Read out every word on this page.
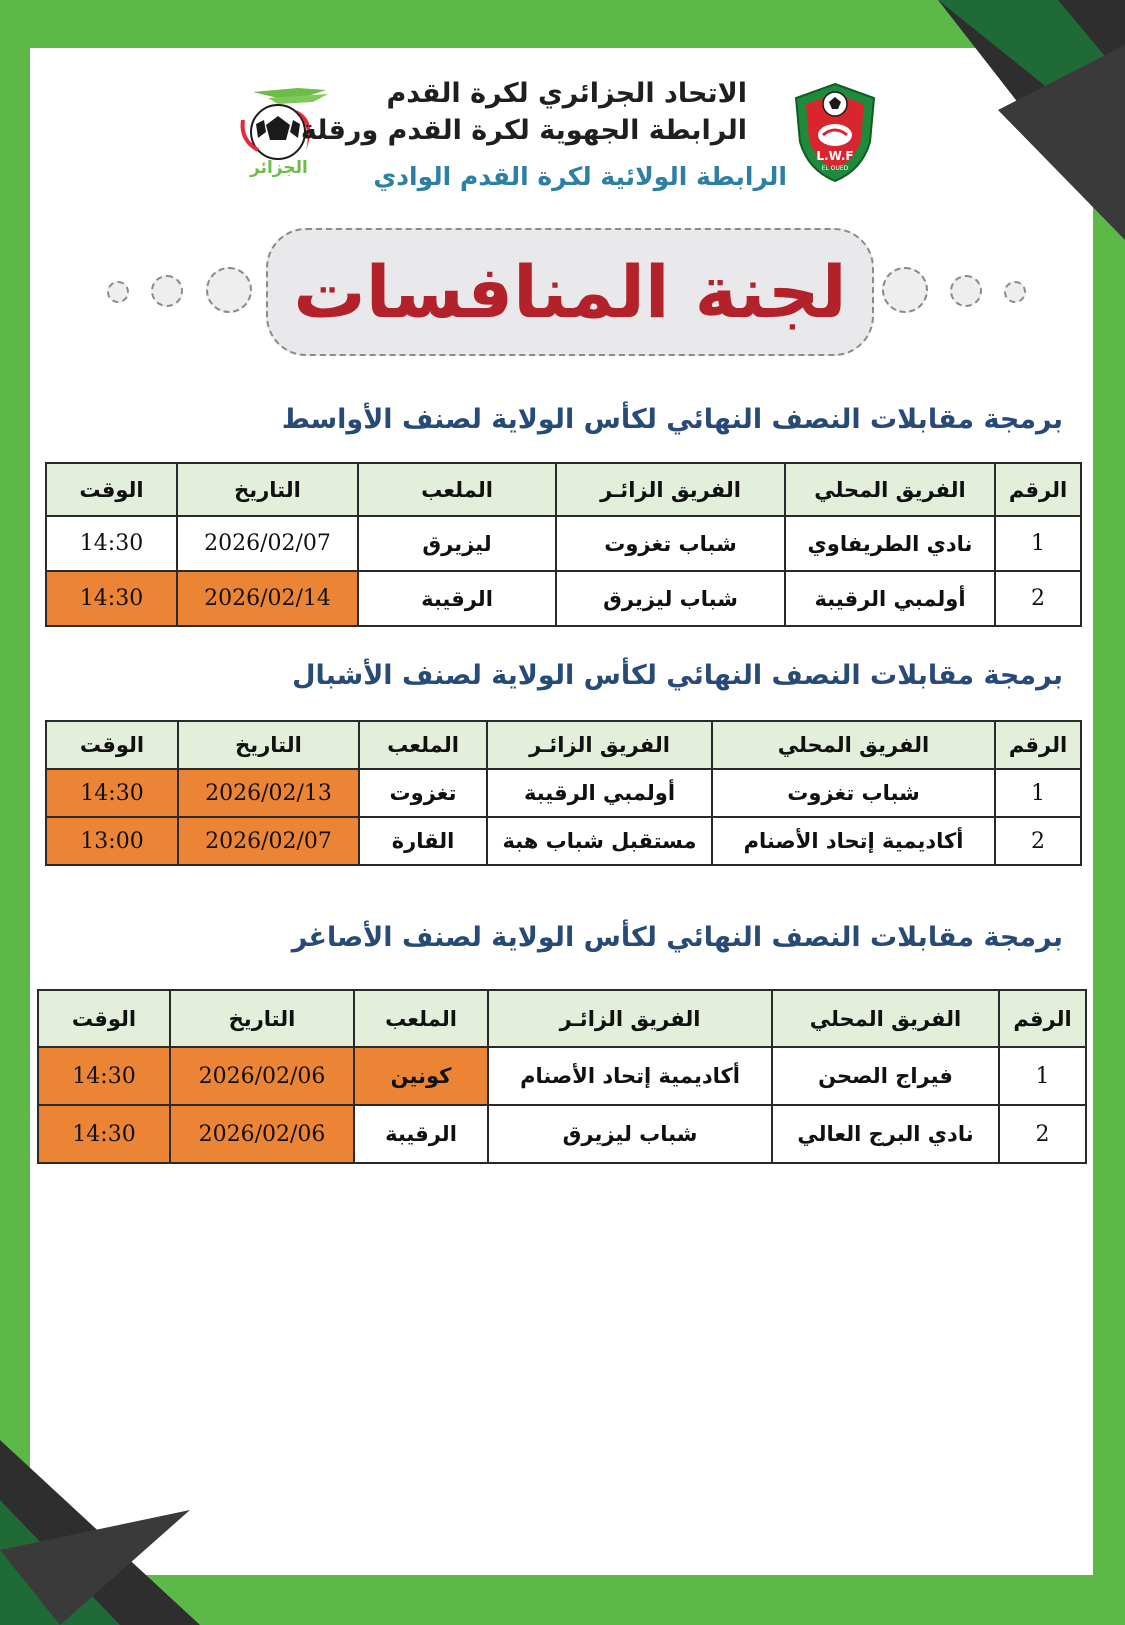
الجزائر
L.W.F
EL OUED
الاتحاد الجزائري لكرة القدم
الرابطة الجهوية لكرة القدم ورقلة
الرابطة الولائية لكرة القدم الوادي
لجنة المنافسات
برمجة مقابلات النصف النهائي لكأس الولاية لصنف الأواسط
الرقم	الفريق المحلي	الفريق الزائـر	الملعب	التاريخ	الوقت
1	نادي الطريفاوي	شباب تغزوت	ليزيرق	2026/02/07	14:30
2	أولمبي الرقيبة	شباب ليزيرق	الرقيبة	2026/02/14	14:30
برمجة مقابلات النصف النهائي لكأس الولاية لصنف الأشبال
الرقم	الفريق المحلي	الفريق الزائـر	الملعب	التاريخ	الوقت
1	شباب تغزوت	أولمبي الرقيبة	تغزوت	2026/02/13	14:30
2	أكاديمية إتحاد الأصنام	مستقبل شباب هبة	القارة	2026/02/07	13:00
برمجة مقابلات النصف النهائي لكأس الولاية لصنف الأصاغر
الرقم	الفريق المحلي	الفريق الزائـر	الملعب	التاريخ	الوقت
1	فيراج الصحن	أكاديمية إتحاد الأصنام	كونين	2026/02/06	14:30
2	نادي البرج العالي	شباب ليزيرق	الرقيبة	2026/02/06	14:30
